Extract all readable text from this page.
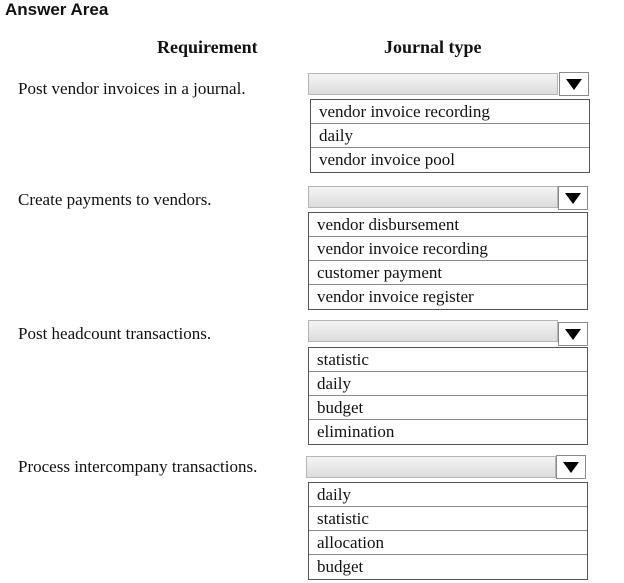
Answer Area
Requirement	Journal type
Post vendor invoices in a journal.
vendor invoice recording
daily
vendor invoice pool
Create payments to vendors.
vendor disbursement
vendor invoice recording
customer payment
vendor invoice register
Post headcount transactions.
statistic
daily
budget
elimination
Process intercompany transactions.
daily
statistic
allocation
budget
